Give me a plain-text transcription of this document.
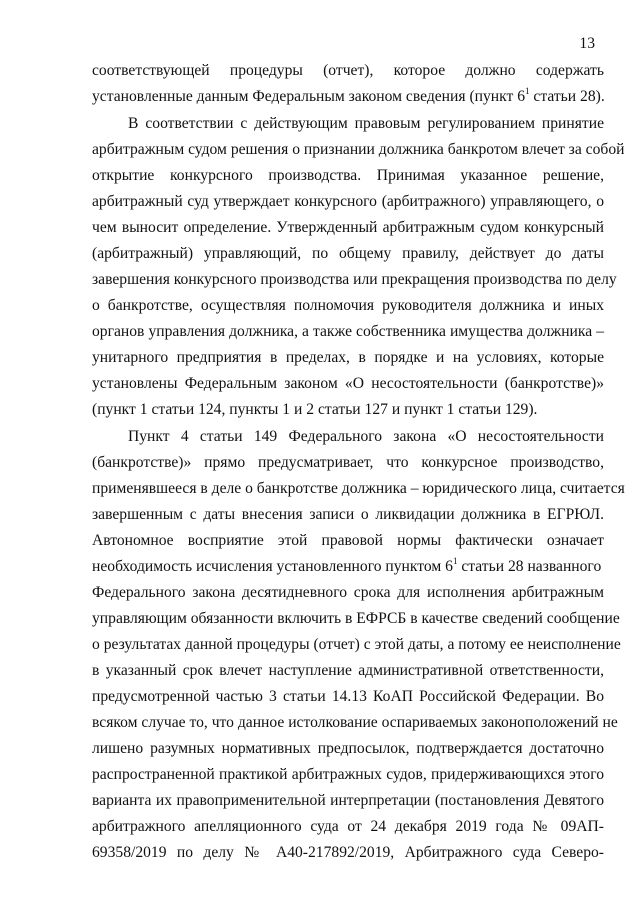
13
соответствующей процедуры (отчет), которое должно содержать
установленные данным Федеральным законом сведения (пункт $6^1$ статьи 28).
В соответствии с действующим правовым регулированием принятие
арбитражным судом решения о признании должника банкротом влечет за собой
открытие конкурсного производства. Принимая указанное решение,
арбитражный суд утверждает конкурсного (арбитражного) управляющего, о
чем выносит определение. Утвержденный арбитражным судом конкурсный
(арбитражный) управляющий, по общему правилу, действует до даты
завершения конкурсного производства или прекращения производства по делу
о банкротстве, осуществляя полномочия руководителя должника и иных
органов управления должника, а также собственника имущества должника –
унитарного предприятия в пределах, в порядке и на условиях, которые
установлены Федеральным законом «О несостоятельности (банкротстве)»
(пункт 1 статьи 124, пункты 1 и 2 статьи 127 и пункт 1 статьи 129).
Пункт 4 статьи 149 Федерального закона «О несостоятельности
(банкротстве)» прямо предусматривает, что конкурсное производство,
применявшееся в деле о банкротстве должника – юридического лица, считается
завершенным с даты внесения записи о ликвидации должника в ЕГРЮЛ.
Автономное восприятие этой правовой нормы фактически означает
необходимость исчисления установленного пунктом $6^1$ статьи 28 названного
Федерального закона десятидневного срока для исполнения арбитражным
управляющим обязанности включить в ЕФРСБ в качестве сведений сообщение
о результатах данной процедуры (отчет) с этой даты, а потому ее неисполнение
в указанный срок влечет наступление административной ответственности,
предусмотренной частью 3 статьи 14.13 КоАП Российской Федерации. Во
всяком случае то, что данное истолкование оспариваемых законоположений не
лишено разумных нормативных предпосылок, подтверждается достаточно
распространенной практикой арбитражных судов, придерживающихся этого
варианта их правоприменительной интерпретации (постановления Девятого
арбитражного апелляционного суда от 24 декабря 2019 года № 09АП-
69358/2019 по делу № А40-217892/2019, Арбитражного суда Северо-
